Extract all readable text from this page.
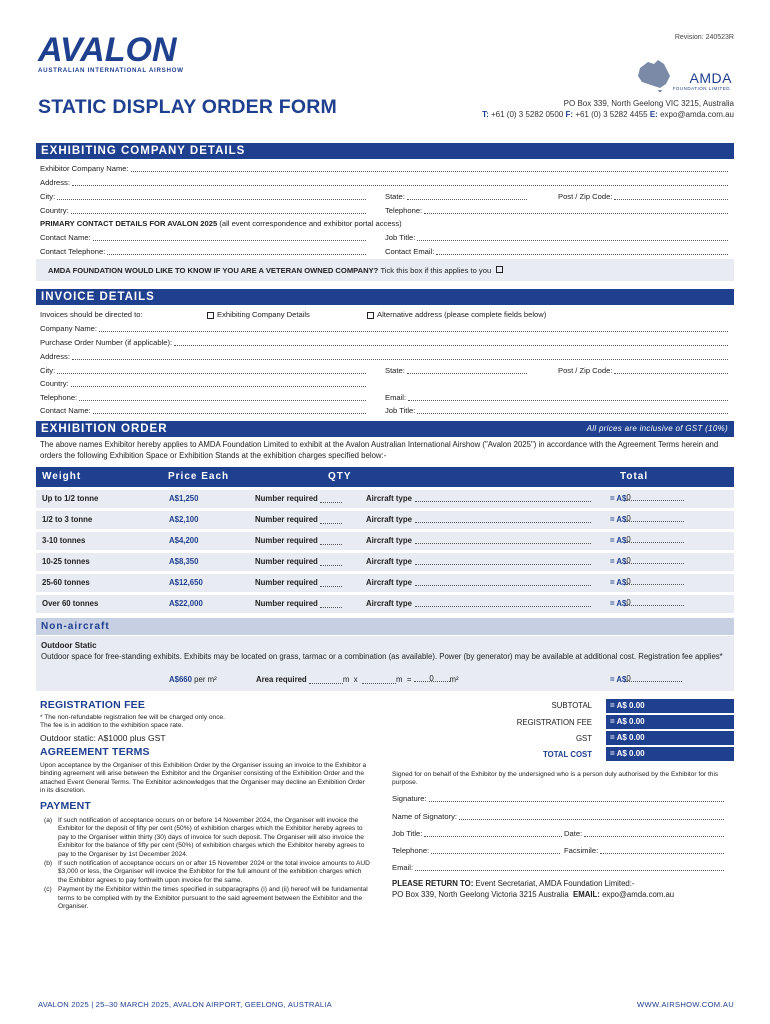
Revision: 240523R
AVALON
AUSTRALIAN INTERNATIONAL AIRSHOW	AMDA
FOUNDATION LIMITED
STATIC DISPLAY ORDER FORM	PO Box 339, North Geelong VIC 3215, Australia
T: +61 (0) 3 5282 0500 F: +61 (0) 3 5282 4455 E: expo@amda.com.au
EXHIBITING COMPANY DETAILS
Exhibitor Company Name:
Address:
City:	State:	Post / Zip Code:
Country:	Telephone:
PRIMARY CONTACT DETAILS FOR AVALON 2025
(all event correspondence and exhibitor portal access)
Contact Name:	Job Title:
Contact Telephone:	Contact Email:
AMDA FOUNDATION WOULD LIKE TO KNOW IF YOU ARE A VETERAN OWNED COMPANY?
Tick this box if this applies to you
INVOICE DETAILS
Invoices should be directed to:	Exhibiting Company Details	Alternative address (please complete fields below)
Company Name:
Purchase Order Number (if applicable):
Address:
City:	State:	Post / Zip Code:
Country:
Telephone:	Email:
Contact Name:	Job Title:
EXHIBITION ORDER	All prices are inclusive of GST (10%)
The above names Exhibitor hereby applies to AMDA Foundation Limited to exhibit at the Avalon Australian International Airshow ("Avalon 2025") in accordance with the Agreement Terms herein and orders the following Exhibition Space or Exhibition Stands at the exhibition charges specified below:-
Weight	Price Each	QTY	Total
Up to 1/2 tonne	A$1,250	Number required	Aircraft type	= A$0
1/2 to 3 tonne	A$2,100	Number required	Aircraft type	= A$0
3-10 tonnes	A$4,200	Number required	Aircraft type	= A$0
10-25 tonnes	A$8,350	Number required	Aircraft type	= A$0
25-60 tonnes	A$12,650	Number required	Aircraft type	= A$0
Over 60 tonnes	A$22,000	Number required	Aircraft type	= A$0
Non-aircraft
Outdoor Static
Outdoor space for free-standing exhibits. Exhibits may be located on grass, tarmac or a combination (as available). Power (by generator) may be available at additional cost. Registration fee applies*
A$660 per m²	Area required	m x	m = 0 m²	= A$0
REGISTRATION FEE
* The non-refundable registration fee will be charged only once.
The fee is in addition to the exhibition space rate.
Outdoor static: A$1000 plus GST
SUBTOTAL	= A$ 0.00
REGISTRATION FEE	= A$ 0.00
GST	= A$ 0.00
TOTAL COST	= A$ 0.00
AGREEMENT TERMS
Upon acceptance by the Organiser of this Exhibition Order by the Organiser issuing an invoice to the Exhibitor a binding agreement will arise between the Exhibitor and the Organiser consisting of the Exhibition Order and the attached Event General Terms. The Exhibitor acknowledges that the Organiser may decline an Exhibition Order in its discretion.
PAYMENT
(a) If such notification of acceptance occurs on or before 14 November 2024, the Organiser will invoice the Exhibitor for the deposit of fifty per cent (50%) of exhibition charges which the Exhibitor hereby agrees to pay to the Organiser within thirty (30) days of invoice for such deposit. The Organiser will also invoice the Exhibitor for the balance of fifty per cent (50%) of exhibition charges which the Exhibitor hereby agrees to pay to the Organiser by 1st December 2024.
(b) If such notification of acceptance occurs on or after 15 November 2024 or the total invoice amounts to AUD $3,000 or less, the Organiser will invoice the Exhibitor for the full amount of the exhibition charges which the Exhibitor agrees to pay forthwith upon invoice for the same.
(c) Payment by the Exhibitor within the times specified in subparagraphs (i) and (ii) hereof will be fundamental terms to be complied with by the Exhibitor pursuant to the said agreement between the Exhibitor and the Organiser.
Signed for on behalf of the Exhibitor by the undersigned who is a person duly authorised by the Exhibitor for this purpose.
Signature:
Name of Signatory:
Job Title:	Date:
Telephone:	Facsimile:
Email:
PLEASE RETURN TO: Event Secretariat, AMDA Foundation Limited:-
PO Box 339, North Geelong Victoria 3215 Australia EMAIL: expo@amda.com.au
AVALON 2025 | 25–30 MARCH 2025, AVALON AIRPORT, GEELONG, AUSTRALIA	WWW.AIRSHOW.COM.AU
